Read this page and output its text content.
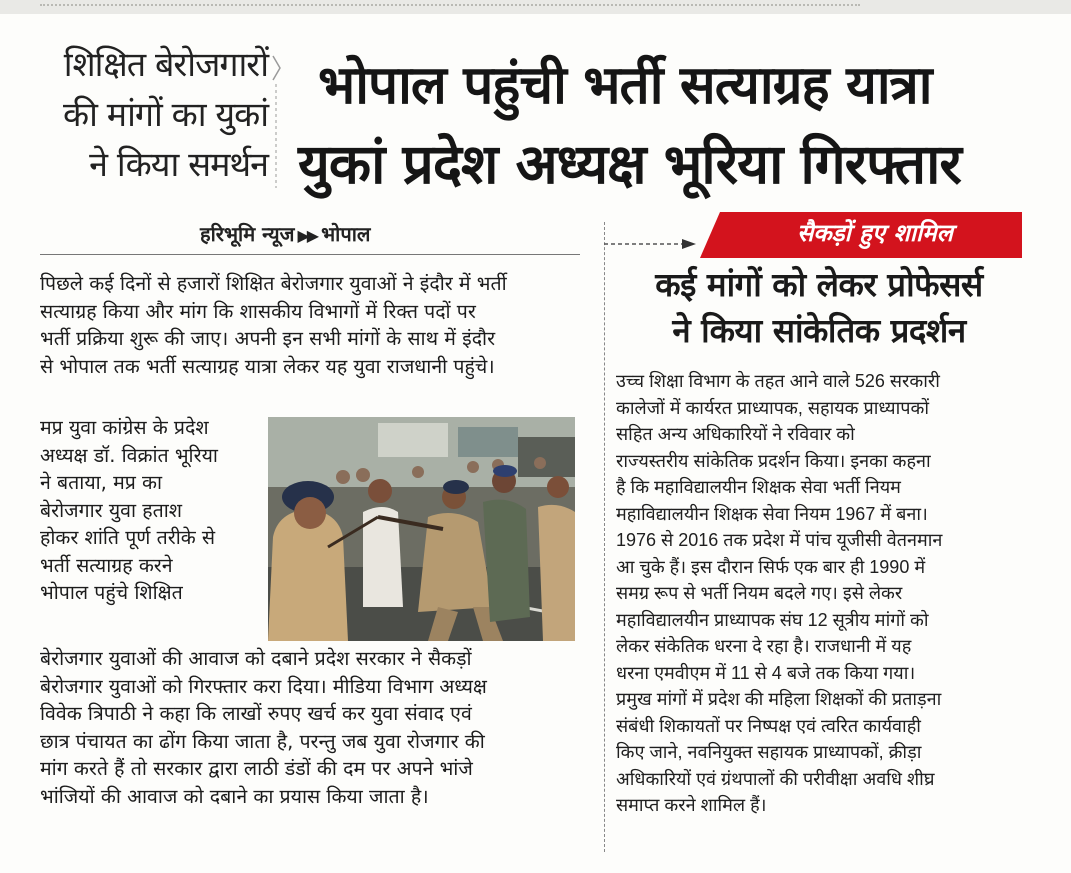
शिक्षित बेरोजगारों
की मांगों का युकां
ने किया समर्थन
भोपाल पहुंची भर्ती सत्याग्रह यात्रा
युकां प्रदेश अध्यक्ष भूरिया गिरफ्तार
हरिभूमि न्यूज ▶▶ भोपाल
पिछले कई दिनों से हजारों शिक्षित बेरोजगार युवाओं ने इंदौर में भर्ती
सत्याग्रह किया और मांग कि शासकीय विभागों में रिक्त पदों पर
भर्ती प्रक्रिया शुरू की जाए। अपनी इन सभी मांगों के साथ में इंदौर
से भोपाल तक भर्ती सत्याग्रह यात्रा लेकर यह युवा राजधानी पहुंचे।
मप्र युवा कांग्रेस के प्रदेश
अध्यक्ष डॉ. विक्रांत भूरिया
ने बताया, मप्र का
बेरोजगार युवा हताश
होकर शांति पूर्ण तरीके से
भर्ती सत्याग्रह करने
भोपाल पहुंचे शिक्षित
बेरोजगार युवाओं की आवाज को दबाने प्रदेश सरकार ने सैकड़ों
बेरोजगार युवाओं को गिरफ्तार करा दिया। मीडिया विभाग अध्यक्ष
विवेक त्रिपाठी ने कहा कि लाखों रुपए खर्च कर युवा संवाद एवं
छात्र पंचायत का ढोंग किया जाता है, परन्तु जब युवा रोजगार की
मांग करते हैं तो सरकार द्वारा लाठी डंडों की दम पर अपने भांजे
भांजियों की आवाज को दबाने का प्रयास किया जाता है।
सैकड़ों हुए शामिल
कई मांगों को लेकर प्रोफेसर्स
ने किया सांकेतिक प्रदर्शन
उच्च शिक्षा विभाग के तहत आने वाले 526 सरकारी
कालेजों में कार्यरत प्राध्यापक, सहायक प्राध्यापकों
सहित अन्य अधिकारियों ने रविवार को
राज्यस्तरीय सांकेतिक प्रदर्शन किया। इनका कहना
है कि महाविद्यालयीन शिक्षक सेवा भर्ती नियम
महाविद्यालयीन शिक्षक सेवा नियम 1967 में बना।
1976 से 2016 तक प्रदेश में पांच यूजीसी वेतनमान
आ चुके हैं। इस दौरान सिर्फ एक बार ही 1990 में
समग्र रूप से भर्ती नियम बदले गए। इसे लेकर
महाविद्यालयीन प्राध्यापक संघ 12 सूत्रीय मांगों को
लेकर संकेतिक धरना दे रहा है। राजधानी में यह
धरना एमवीएम में 11 से 4 बजे तक किया गया।
प्रमुख मांगों में प्रदेश की महिला शिक्षकों की प्रताड़ना
संबंधी शिकायतों पर निष्पक्ष एवं त्वरित कार्यवाही
किए जाने, नवनियुक्त सहायक प्राध्यापकों, क्रीड़ा
अधिकारियों एवं ग्रंथपालों की परीवीक्षा अवधि शीघ्र
समाप्त करने शामिल हैं।
